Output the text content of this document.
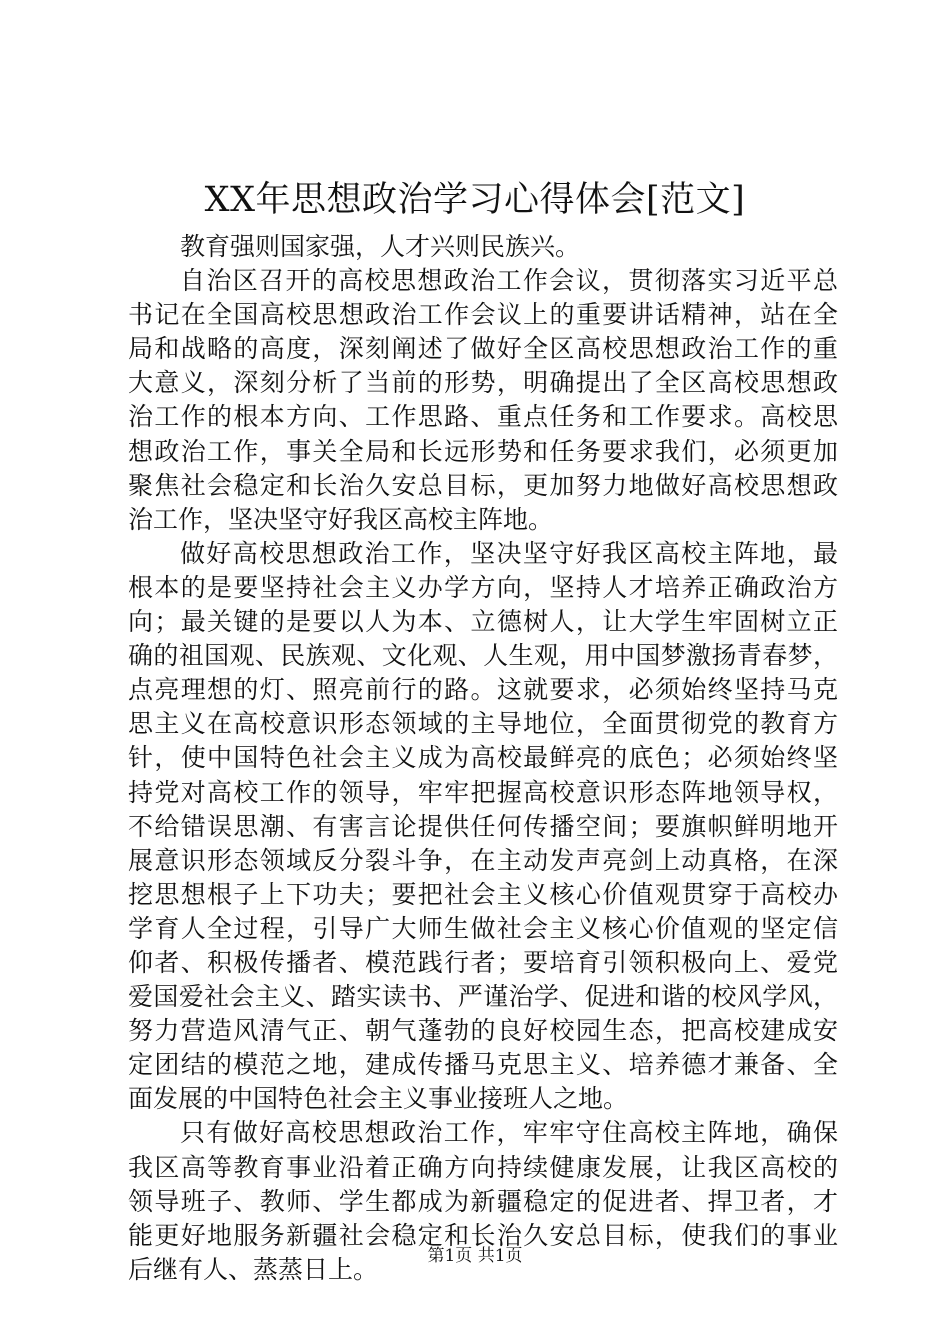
XX年思想政治学习心得体会[范文]
教育强则国家强，人才兴则民族兴。
自治区召开的高校思想政治工作会议，贯彻落实习近平总
书记在全国高校思想政治工作会议上的重要讲话精神，站在全
局和战略的高度，深刻阐述了做好全区高校思想政治工作的重
大意义，深刻分析了当前的形势，明确提出了全区高校思想政
治工作的根本方向、工作思路、重点任务和工作要求。高校思
想政治工作，事关全局和长远形势和任务要求我们，必须更加
聚焦社会稳定和长治久安总目标，更加努力地做好高校思想政
治工作，坚决坚守好我区高校主阵地。
做好高校思想政治工作，坚决坚守好我区高校主阵地，最
根本的是要坚持社会主义办学方向，坚持人才培养正确政治方
向；最关键的是要以人为本、立德树人，让大学生牢固树立正
确的祖国观、民族观、文化观、人生观，用中国梦激扬青春梦，
点亮理想的灯、照亮前行的路。这就要求，必须始终坚持马克
思主义在高校意识形态领域的主导地位，全面贯彻党的教育方
针，使中国特色社会主义成为高校最鲜亮的底色；必须始终坚
持党对高校工作的领导，牢牢把握高校意识形态阵地领导权，
不给错误思潮、有害言论提供任何传播空间；要旗帜鲜明地开
展意识形态领域反分裂斗争，在主动发声亮剑上动真格，在深
挖思想根子上下功夫；要把社会主义核心价值观贯穿于高校办
学育人全过程，引导广大师生做社会主义核心价值观的坚定信
仰者、积极传播者、模范践行者；要培育引领积极向上、爱党
爱国爱社会主义、踏实读书、严谨治学、促进和谐的校风学风，
努力营造风清气正、朝气蓬勃的良好校园生态，把高校建成安
定团结的模范之地，建成传播马克思主义、培养德才兼备、全
面发展的中国特色社会主义事业接班人之地。
只有做好高校思想政治工作，牢牢守住高校主阵地，确保
我区高等教育事业沿着正确方向持续健康发展，让我区高校的
领导班子、教师、学生都成为新疆稳定的促进者、捍卫者，才
能更好地服务新疆社会稳定和长治久安总目标，使我们的事业
后继有人、蒸蒸日上。	第1页 共1页
